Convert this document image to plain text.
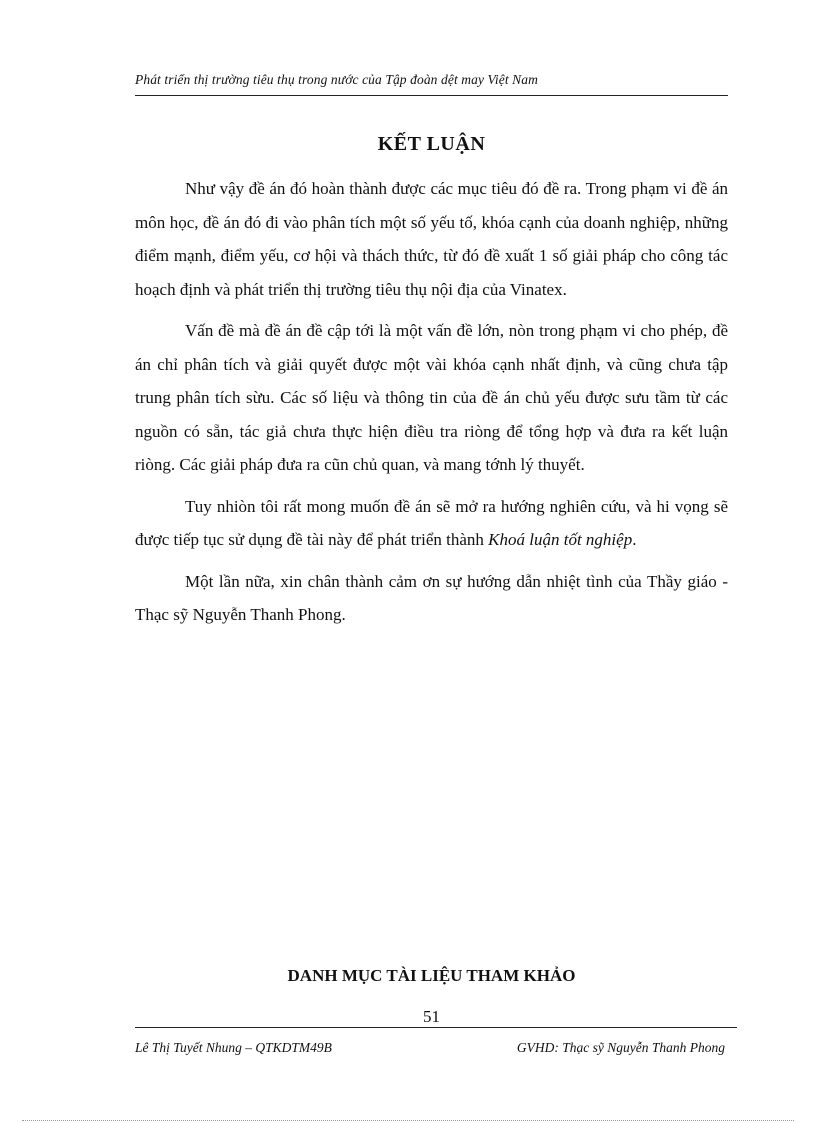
Phát triển thị trường tiêu thụ trong nước của Tập đoàn dệt may Việt Nam
KẾT LUẬN

Như vậy đề án đó hoàn thành được các mục tiêu đó đề ra. Trong phạm vi đề án môn học, đề án đó đi vào phân tích một số yếu tố, khóa cạnh của doanh nghiệp, những điểm mạnh, điểm yếu, cơ hội và thách thức, từ đó đề xuất 1 số giải pháp cho công tác hoạch định và phát triển thị trường tiêu thụ nội địa của Vinatex.

Vấn đề mà đề án đề cập tới là một vấn đề lớn, nòn trong phạm vi cho phép, đề án chỉ phân tích và giải quyết được một vài khóa cạnh nhất định, và cũng chưa tập trung phân tích sừu. Các số liệu và thông tin của đề án chủ yếu được sưu tầm từ các nguồn có sẵn, tác giả chưa thực hiện điều tra riòng để tổng hợp và đưa ra kết luận riòng. Các giải pháp đưa ra cũn chủ quan, và mang tớnh lý thuyết.

Tuy nhiòn tôi rất mong muốn đề án sẽ mở ra hướng nghiên cứu, và hi vọng sẽ được tiếp tục sử dụng đề tài này để phát triển thành Khoá luận tốt nghiệp.

Một lần nữa, xin chân thành cảm ơn sự hướng dẫn nhiệt tình của Thầy giáo - Thạc sỹ Nguyễn Thanh Phong.

DANH MỤC TÀI LIỆU THAM KHẢO
51
Lê Thị Tuyết Nhung – QTKDTM49B	GVHD: Thạc sỹ Nguyễn Thanh Phong
